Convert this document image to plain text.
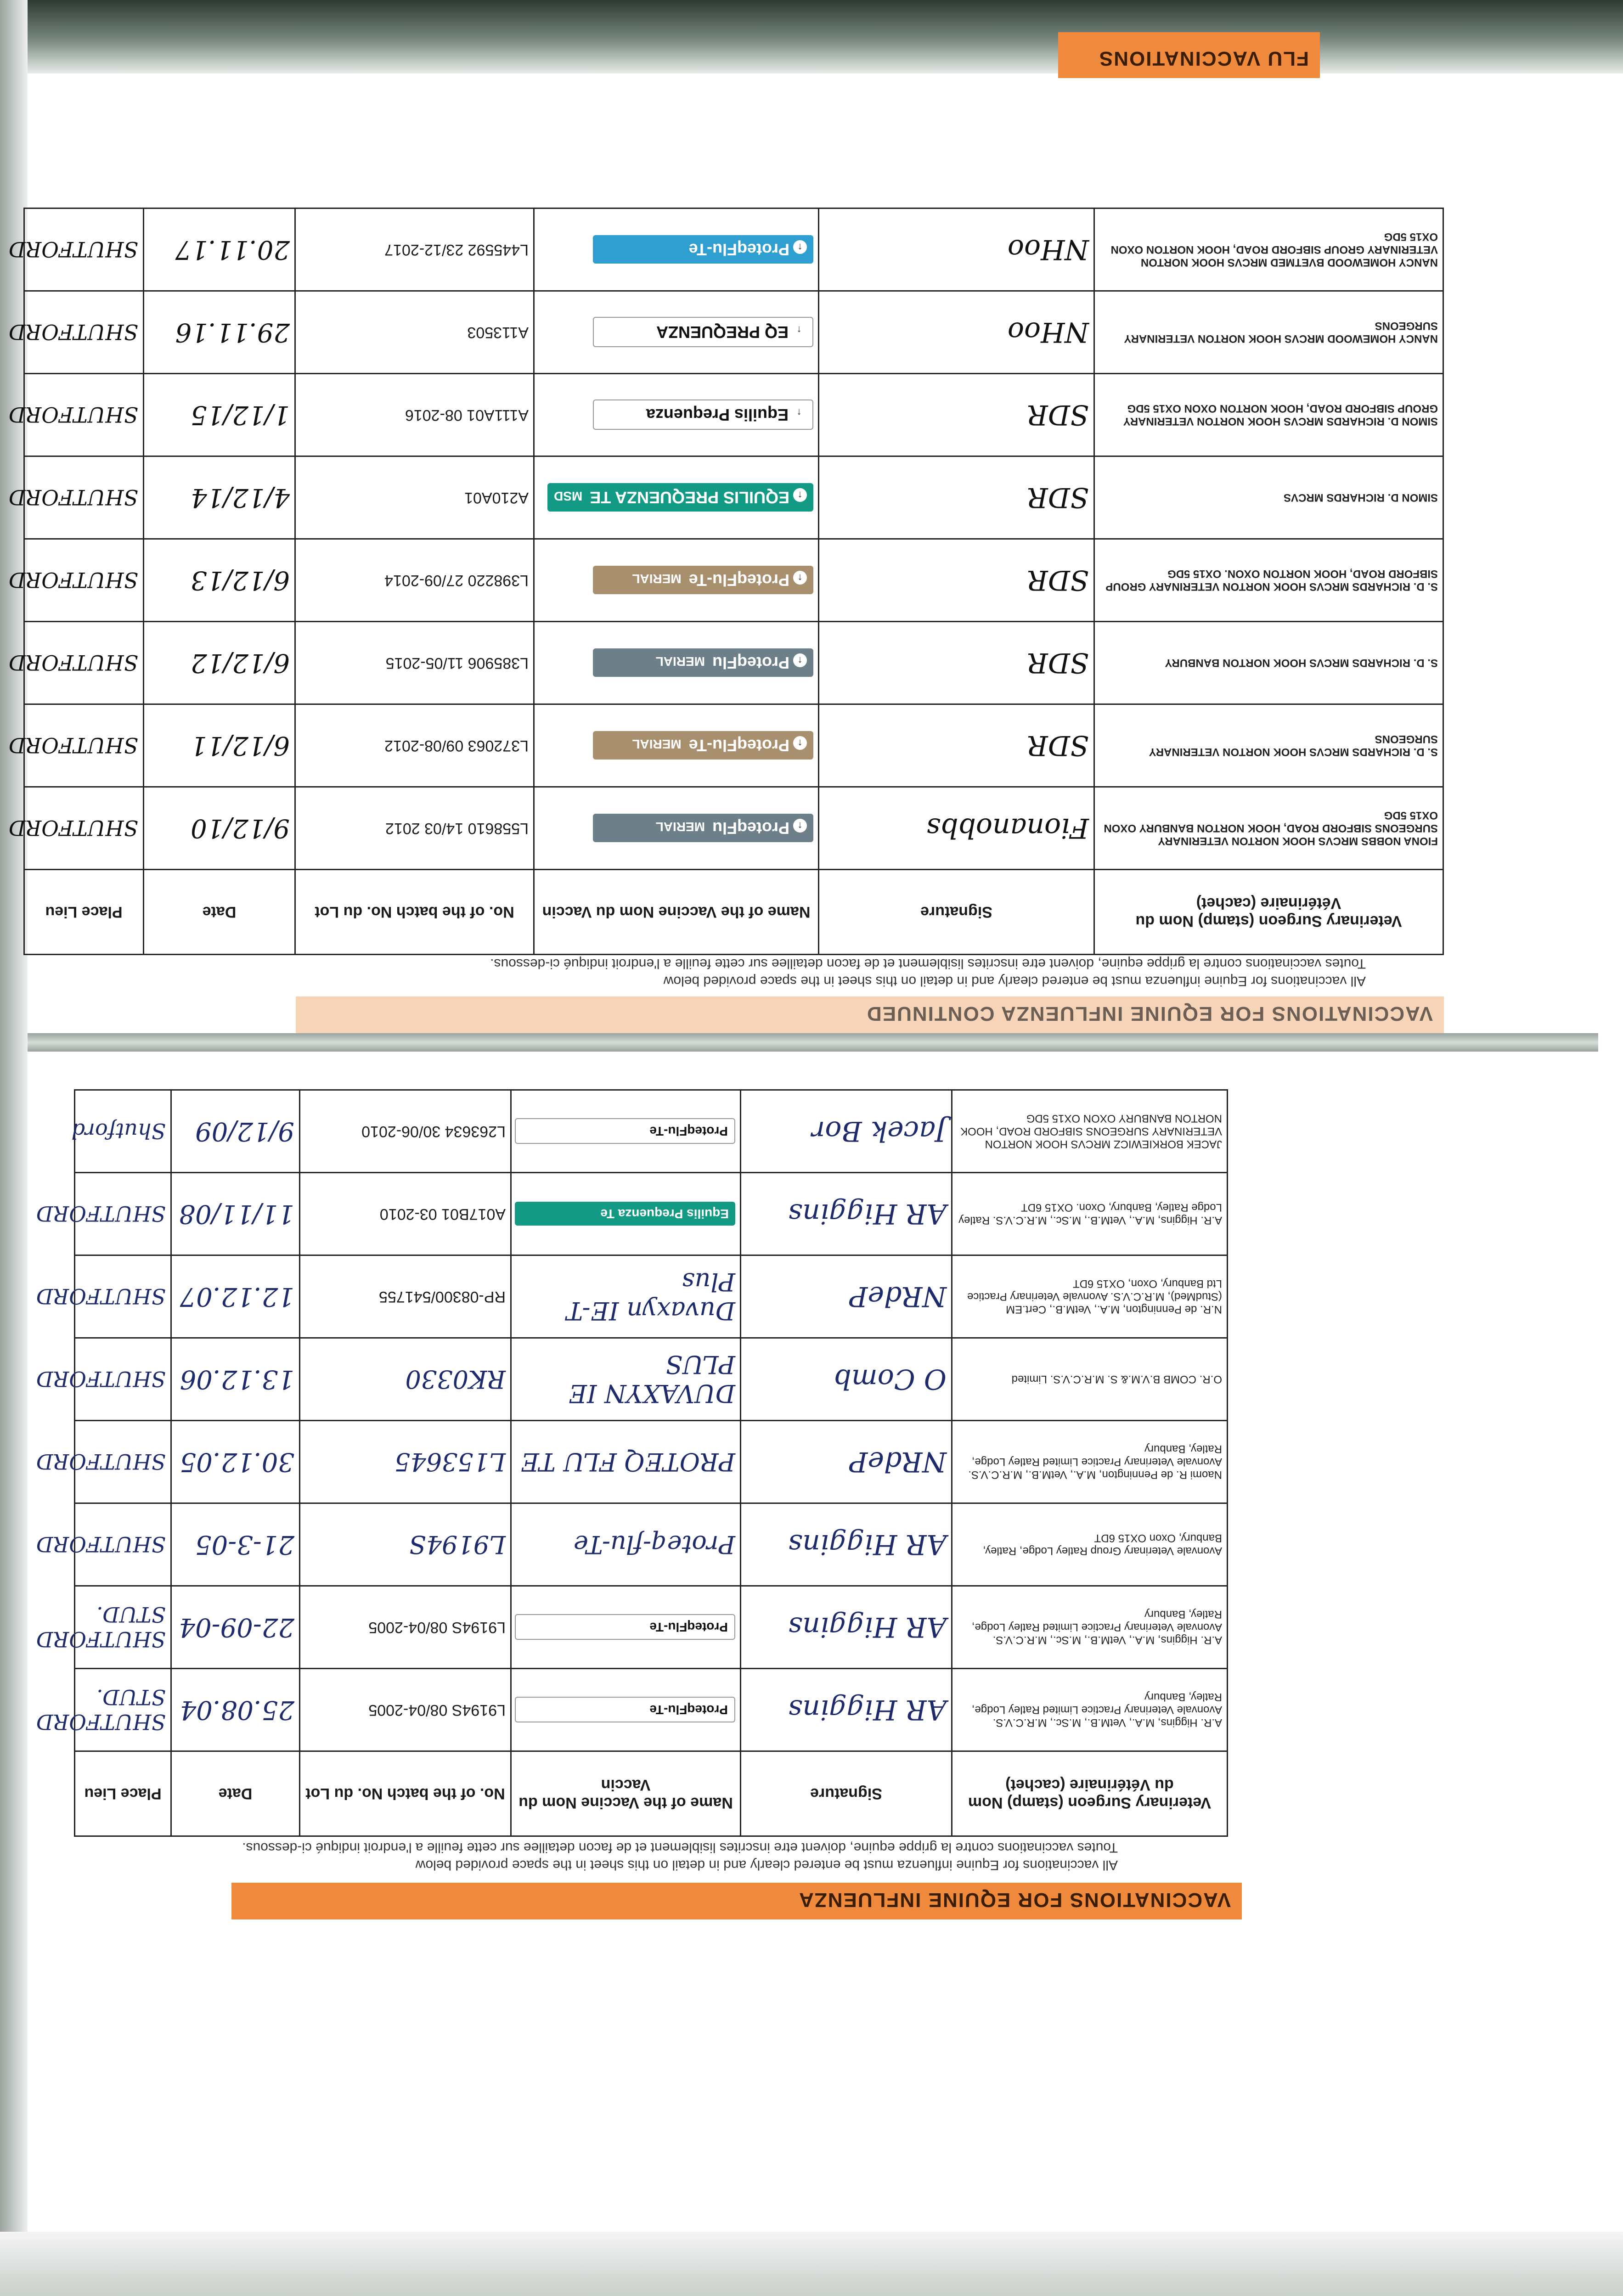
VACCINATIONS FOR EQUINE INFLUENZA
All vaccinations for Equine influenza must be entered clearly and in detail on this sheet in the space provided below
Toutes vaccinations contre la grippe equine, doivent etre inscrites lisiblement et de facon detaillee sur cette feuille a l'endroit indiqué ci-dessous.
Veterinary Surgeon (stamp) Nom du Vétérinaire (cachet)	Signature	Name of the Vaccine Nom du Vaccin	No. of the batch No. du Lot	Date	Place Lieu
A.R. Higgins, M.A., VetM.B., M.Sc., M.R.C.V.S. Avonvale Veterinary Practice Limited Ratley Lodge, Ratley, Banbury	AR Higgins	ProteqFlu-Te	L9194S 08/04-2005	25.08.04	SHUTFORD STUD.
A.R. Higgins, M.A., VetM.B., M.Sc., M.R.C.V.S. Avonvale Veterinary Practice Limited Ratley Lodge, Ratley, Banbury	AR Higgins	ProteqFlu-Te	L9194S 08/04-2005	22-09-04	SHUTFORD STUD.
Avonvale Veterinary Group Ratley Lodge, Ratley, Banbury, Oxon OX15 6DT	AR Higgins	Proteq-flu-Te	L9194S	21-3-05	SHUTFORD
Naomi R. de Pennington, M.A., VetM.B., M.R.C.V.S. Avonvale Veterinary Practice Limited Ratley Lodge, Ratley, Banbury	NRdeP	PROTEQ FLU TE	L153645	30.12.05	SHUTFORD
O.R. COMB B.V.M.& S. M.R.C.V.S. Limited	O Comb	DUVAXYN IE PLUS	RK0330	13.12.06	SHUTFORD
N.R. de Pennington, M.A., VetM.B., Cert.EM (StudMed), M.R.C.V.S. Avonvale Veterinary Practice Ltd Banbury, Oxon, OX15 6DT	NRdeP	Duvaxyn IE-T Plus	RP-08300/541755	12.12.07	SHUTFORD
A.R. Higgins, M.A., VetM.B., M.Sc., M.R.C.V.S. Ratley Lodge Ratley, Banbury, Oxon. OX15 6DT	AR Higgins	Equilis Prequenza Te	A017B01 03-2010	11/11/08	SHUTFORD
JACEK BORKIEWICZ MRCVS HOOK NORTON VETERINARY SURGEONS SIBFORD ROAD, HOOK NORTON BANBURY OXON OX15 5DG	Jacek Bor	ProteqFlu-Te	L263634 30/06-2010	9/12/09	Shutford
VACCINATIONS FOR EQUINE INFLUENZA CONTINUED
All vaccinations for Equine influenza must be entered clearly and in detail on this sheet in the space provided below
Toutes vaccinations contre la grippe equine, doivent etre inscrites lisiblement et de facon detaillee sur cette feuille a l'endroit indiqué ci-dessous.
Veterinary Surgeon (stamp) Nom du Vétérinaire (cachet)	Signature	Name of the Vaccine Nom du Vaccin	No. of the batch No. du Lot	Date	Place Lieu
FIONA NOBBS MRCVS HOOK NORTON VETERINARY SURGEONS SIBFORD ROAD, HOOK NORTON BANBURY OXON OX15 5DG	Fionanobbs	↑ProteqFluMERIAL	L558610 14/03 2012	9/12/10	SHUTFORD
S. D. RICHARDS MRCVS HOOK NORTON VETERINARY SURGEONS	SDR	↑ProteqFlu-TeMERIAL	L372063 09/08-2012	6/12/11	SHUTFORD
S. D. RICHARDS MRCVS HOOK NORTON BANBURY	SDR	↑ProteqFluMERIAL	L385906 11/05-2015	6/12/12	SHUTFORD
S. D. RICHARDS MRCVS HOOK NORTON VETERINARY GROUP SIBFORD ROAD, HOOK NORTON OXON. OX15 5DG	SDR	↑ProteqFlu-TeMERIAL	L398220 27/09-2014	6/12/13	SHUTFORD
SIMON D. RICHARDS MRCVS	SDR	↑EQUILIS PREQUENZA TEMSD	A210A01	4/12/14	SHUTFORD
SIMON D. RICHARDS MRCVS HOOK NORTON VETERINARY GROUP SIBFORD ROAD, HOOK NORTON OXON OX15 5DG	SDR	↑Equilis Prequenza	A111A01 08-2016	1/12/15	SHUTFORD
NANCY HOMEWOOD MRCVS HOOK NORTON VETERINARY SURGEONS	NHoo	↑EQ PREQUENZA	A113503	29.11.16	SHUTFORD
NANCY HOMEWOOD BVETMED MRCVS HOOK NORTON VETERINARY GROUP SIBFORD ROAD, HOOK NORTON OXON OX15 5DG	NHoo	↑ProteqFlu-Te	L445592 23/12-2017	20.11.17	SHUTFORD
FLU VACCINATIONS
